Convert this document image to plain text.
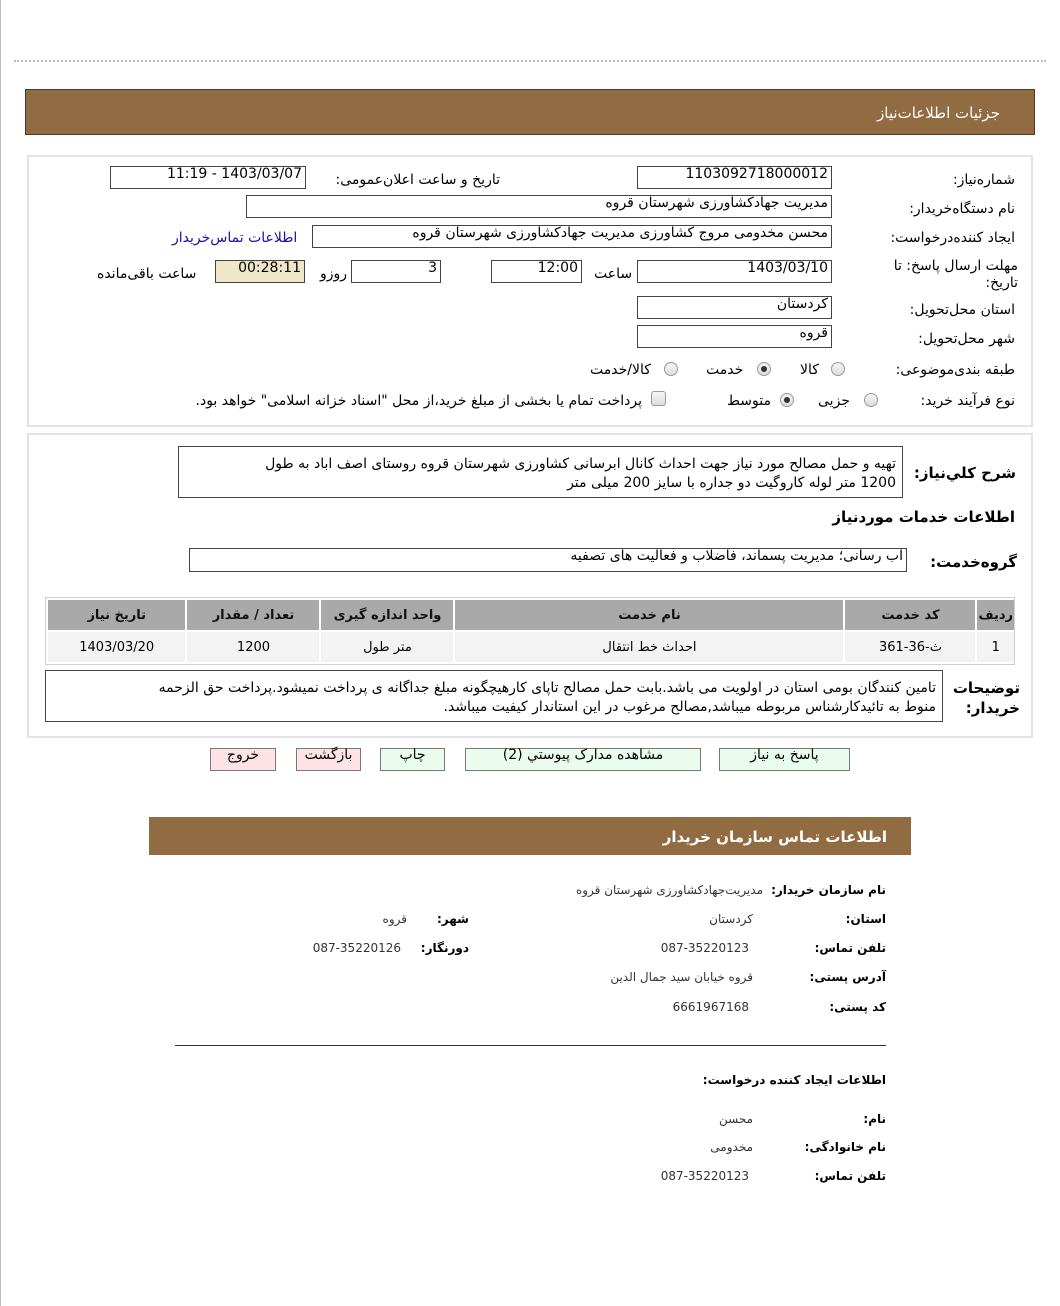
جزئیات اطلاعات‌نیاز
شماره‌نیاز:
1103092718000012
تاریخ و ساعت اعلان‌عمومی:
1403/03/07 - 11:19
نام دستگاه‌خریدار:
مدیریت جهادکشاورزی شهرستان قروه
ایجاد کننده‌درخواست:
محسن مخدومی مروج کشاورزی مدیریت جهادکشاورزی شهرستان قروه
اطلاعات تماس‌خریدار
مهلت ارسال پاسخ: تا تاریخ:
1403/03/10
ساعت
12:00
3
روزو
00:28:11
ساعت باقی‌مانده
استان محل‌تحویل:
کردستان
شهر محل‌تحویل:
قروه
طبقه بندی‌موضوعی:
کالا
خدمت
کالا/خدمت
نوع فرآیند خرید:
جزیی
متوسط
پرداخت تمام یا بخشی از مبلغ خرید،از محل "اسناد خزانه اسلامی" خواهد بود.
شرح کلي‌نیاز:
تهیه و حمل مصالح مورد نیاز جهت احداث کانال ابرسانی کشاورزی شهرستان قروه روستای اصف اباد به طول
1200 متر لوله کاروگیت دو جداره با سایز 200 میلی متر
اطلاعات خدمات موردنیاز
گروه‌خدمت:
آب رسانی؛ مدیریت پسماند، فاضلاب و فعالیت های تصفیه
ردیف	کد خدمت	نام خدمت	واحد اندازه گیری	تعداد / مقدار	تاریخ نیاز
1	ث-36-361	احداث خط انتقال	متر طول	1200	1403/03/20
توضیحات خریدار:
تامین کنندگان بومی استان در اولویت می باشد.بابت حمل مصالح تاپای کارهیچگونه مبلغ جداگانه ی پرداخت نمیشود.پرداخت حق الزحمه
منوط به تائیدکارشناس مربوطه میباشد,مصالح مرغوب در این استاندار کیفیت میباشد.
پاسخ به نیاز
مشاهده مدارک پیوستي (2)
چاپ
بازگشت
خروج
اطلاعات تماس سازمان خریدار
نام سازمان خریدار:
مدیریت‌جهادکشاورزی شهرستان قروه
استان:
کردستان
شهر:
قروه
تلفن تماس:
087-35220123
دورنگار:
087-35220126
آدرس پستی:
قروه خیابان سید جمال الدین
کد پستی:
6661967168
اطلاعات ایجاد کننده درخواست:
نام:
محسن
نام خانوادگی:
مخدومی
تلفن تماس:
087-35220123
